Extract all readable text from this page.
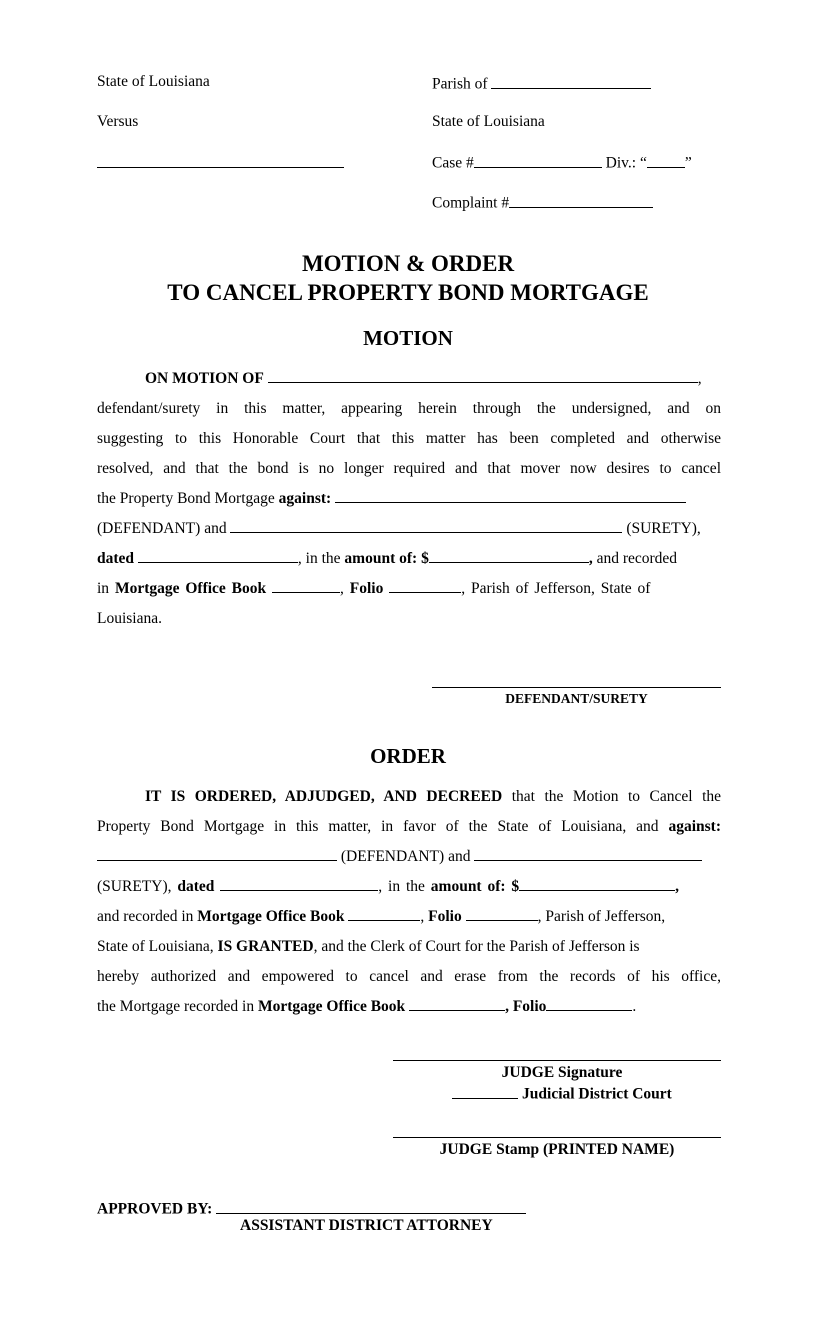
State of Louisiana
Versus
Parish of
State of Louisiana
Case #	Div.: “ ”
Complaint #
MOTION & ORDER
TO CANCEL PROPERTY BOND MORTGAGE
MOTION
ON MOTION OF	,
defendant/surety in this matter, appearing herein through the undersigned, and on
suggesting to this Honorable Court that this matter has been completed and otherwise
resolved, and that the bond is no longer required and that mover now desires to cancel
the Property Bond Mortgage against:
(DEFENDANT) and	(SURETY),
dated	, in the amount of: $	, and recorded
in Mortgage Office Book	, Folio	, Parish of Jefferson, State of
Louisiana.
DEFENDANT/SURETY
ORDER
IT IS ORDERED, ADJUDGED, AND DECREED that the Motion to Cancel the
Property Bond Mortgage in this matter, in favor of the State of Louisiana, and against:
(DEFENDANT) and
(SURETY), dated	, in the amount of: $	,
and recorded in Mortgage Office Book	, Folio	, Parish of Jefferson,
State of Louisiana, IS GRANTED, and the Clerk of Court for the Parish of Jefferson is
hereby authorized and empowered to cancel and erase from the records of his office,
the Mortgage recorded in Mortgage Office Book	, Folio	.
JUDGE Signature
Judicial District Court
JUDGE Stamp (PRINTED NAME)
APPROVED BY:
ASSISTANT DISTRICT ATTORNEY
